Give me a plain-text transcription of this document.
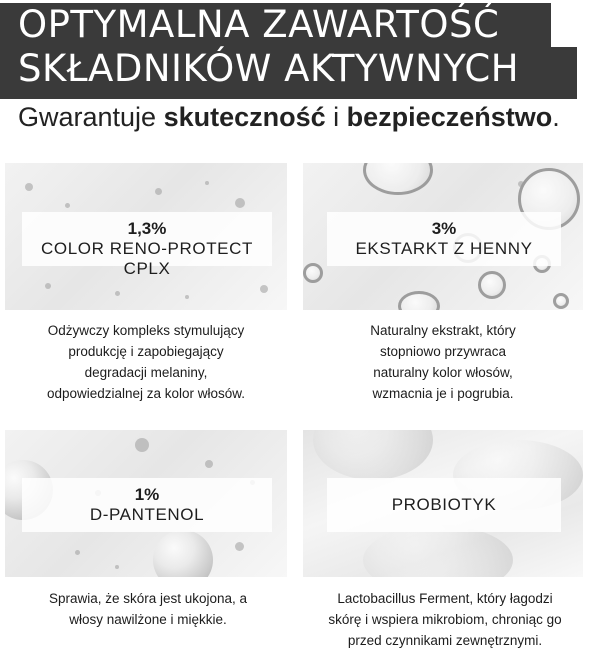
OPTYMALNA ZAWARTOŚĆ
SKŁADNIKÓW AKTYWNYCH
Gwarantuje skuteczność i bezpieczeństwo.
1,3%
COLOR RENO-PROTECT CPLX
Odżywczy kompleks stymulujący produkcję i zapobiegający degradacji melaniny, odpowiedzialnej za kolor włosów.
3%
EKSTARKT Z HENNY
Naturalny ekstrakt, który stopniowo przywraca naturalny kolor włosów, wzmacnia je i pogrubia.
1%
D-PANTENOL
Sprawia, że skóra jest ukojona, a włosy nawilżone i miękkie.
PROBIOTYK
Lactobacillus Ferment, który łagodzi skórę i wspiera mikrobiom, chroniąc go przed czynnikami zewnętrznymi.
